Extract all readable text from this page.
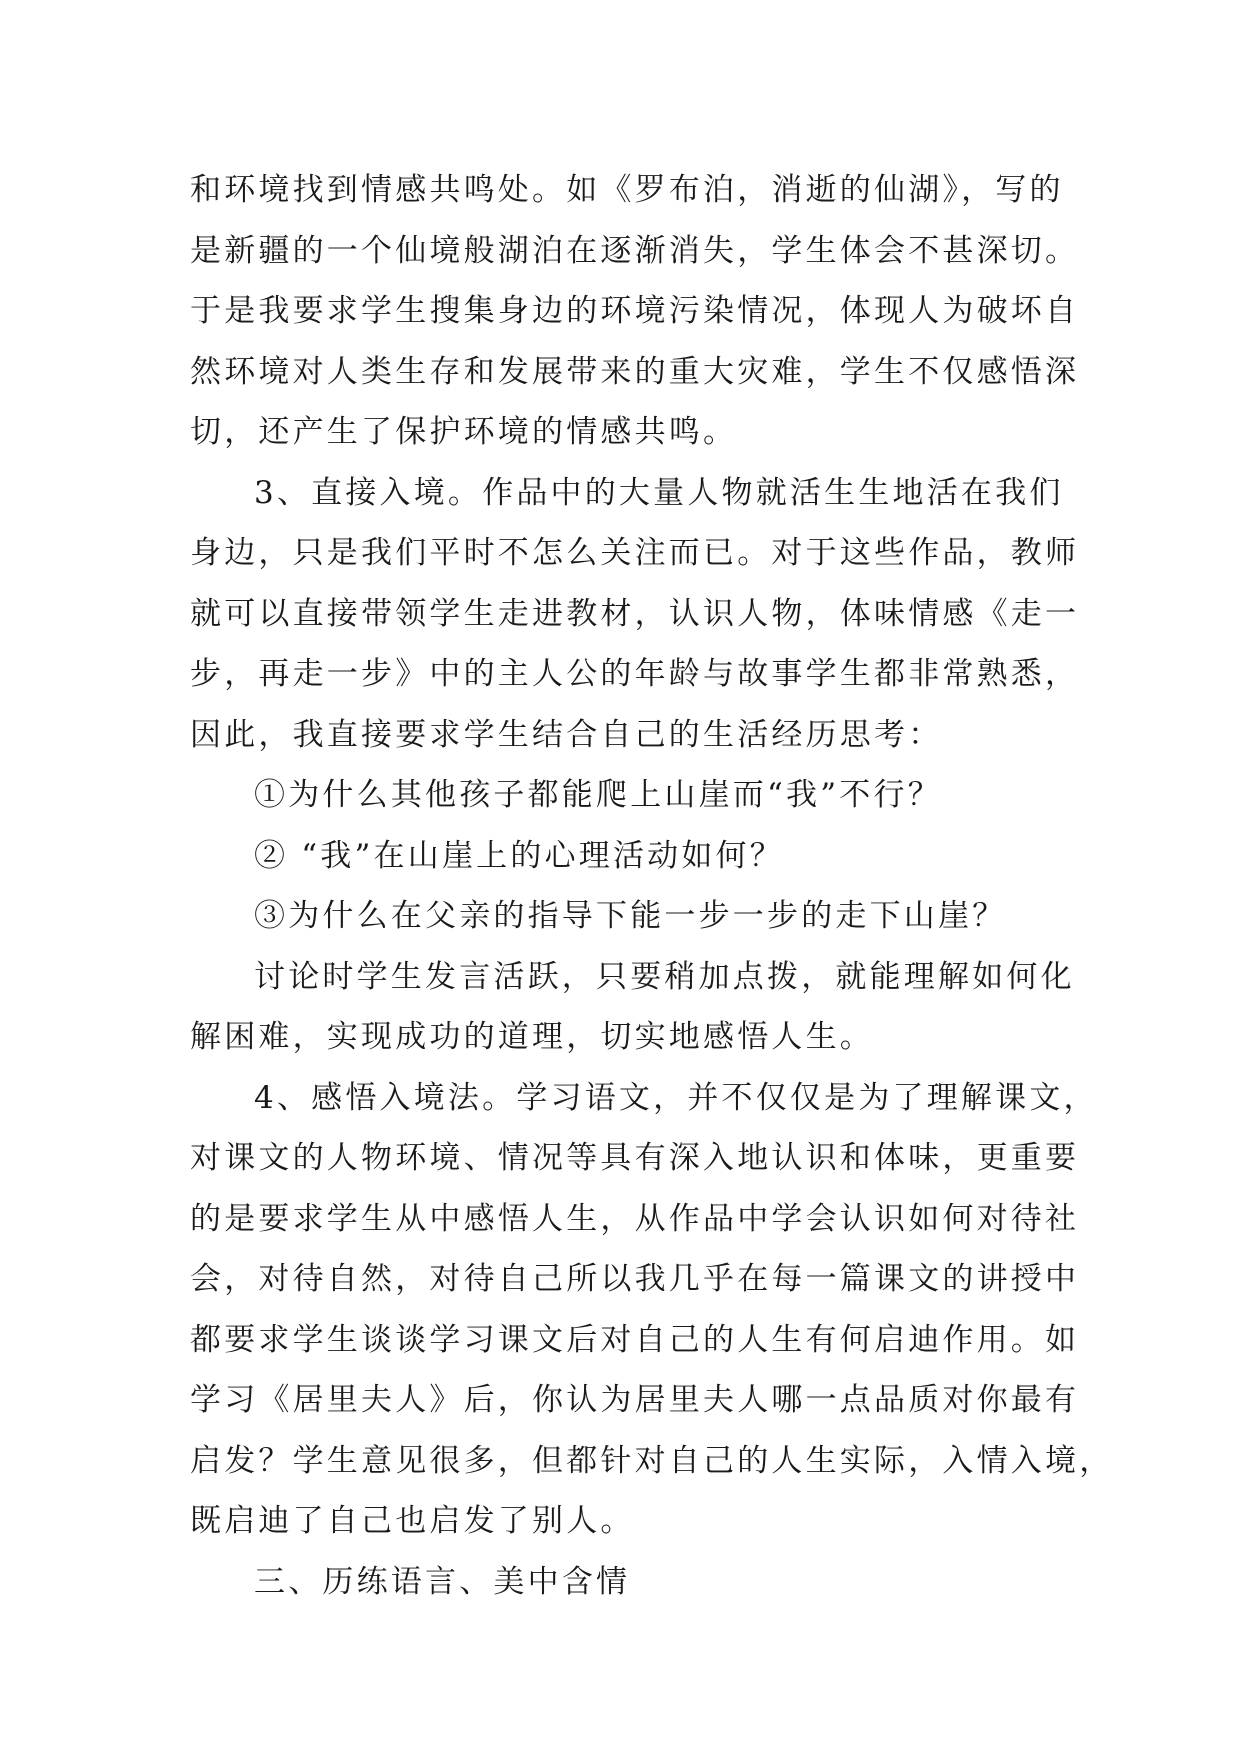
和环境找到情感共鸣处。如《罗布泊，消逝的仙湖》，写的
是新疆的一个仙境般湖泊在逐渐消失，学生体会不甚深切。
于是我要求学生搜集身边的环境污染情况，体现人为破坏自
然环境对人类生存和发展带来的重大灾难，学生不仅感悟深
切，还产生了保护环境的情感共鸣。
3、直接入境。作品中的大量人物就活生生地活在我们
身边，只是我们平时不怎么关注而已。对于这些作品，教师
就可以直接带领学生走进教材，认识人物，体味情感《走一
步，再走一步》中的主人公的年龄与故事学生都非常熟悉，
因此，我直接要求学生结合自己的生活经历思考：
①为什么其他孩子都能爬上山崖而“我”不行？
② “我”在山崖上的心理活动如何？
③为什么在父亲的指导下能一步一步的走下山崖？
讨论时学生发言活跃，只要稍加点拨，就能理解如何化
解困难，实现成功的道理，切实地感悟人生。
4、感悟入境法。学习语文，并不仅仅是为了理解课文，
对课文的人物环境、情况等具有深入地认识和体味，更重要
的是要求学生从中感悟人生，从作品中学会认识如何对待社
会，对待自然，对待自己所以我几乎在每一篇课文的讲授中
都要求学生谈谈学习课文后对自己的人生有何启迪作用。如
学习《居里夫人》后，你认为居里夫人哪一点品质对你最有
启发？学生意见很多，但都针对自己的人生实际，入情入境，
既启迪了自己也启发了别人。
三、历练语言、美中含情
